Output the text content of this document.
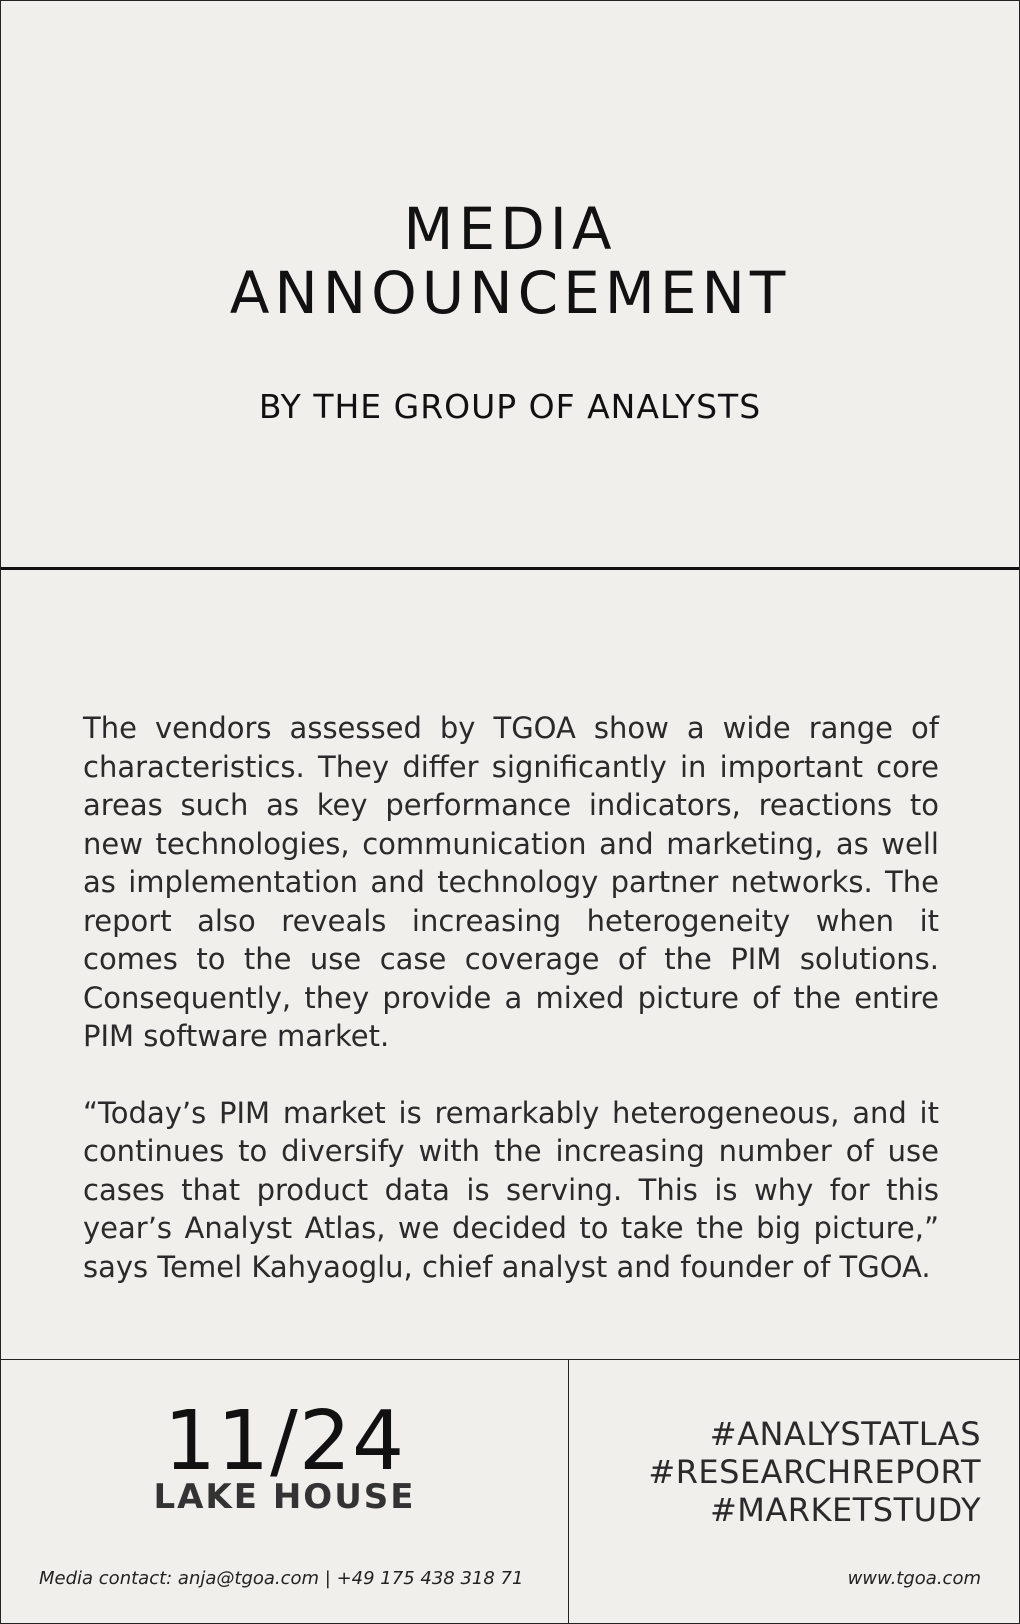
MEDIA
ANNOUNCEMENT
BY THE GROUP OF ANALYSTS

The vendors assessed by TGOA show a wide range of characteristics. They differ significantly in important core areas such as key performance indicators, reactions to new technologies, communication and marketing, as well as implementation and technology partner networks. The report also reveals increasing heterogeneity when it comes to the use case coverage of the PIM solutions. Consequently, they provide a mixed picture of the entire PIM software market.

“Today’s PIM market is remarkably heterogeneous, and it continues to diversify with the increasing number of use cases that product data is serving. This is why for this year’s Analyst Atlas, we decided to take the big picture,” says Temel Kahyaoglu, chief analyst and founder of TGOA.

11/24
LAKE HOUSE
Media contact: anja@tgoa.com | +49 175 438 318 71
#ANALYSTATLAS
#RESEARCHREPORT
#MARKETSTUDY
www.tgoa.com
